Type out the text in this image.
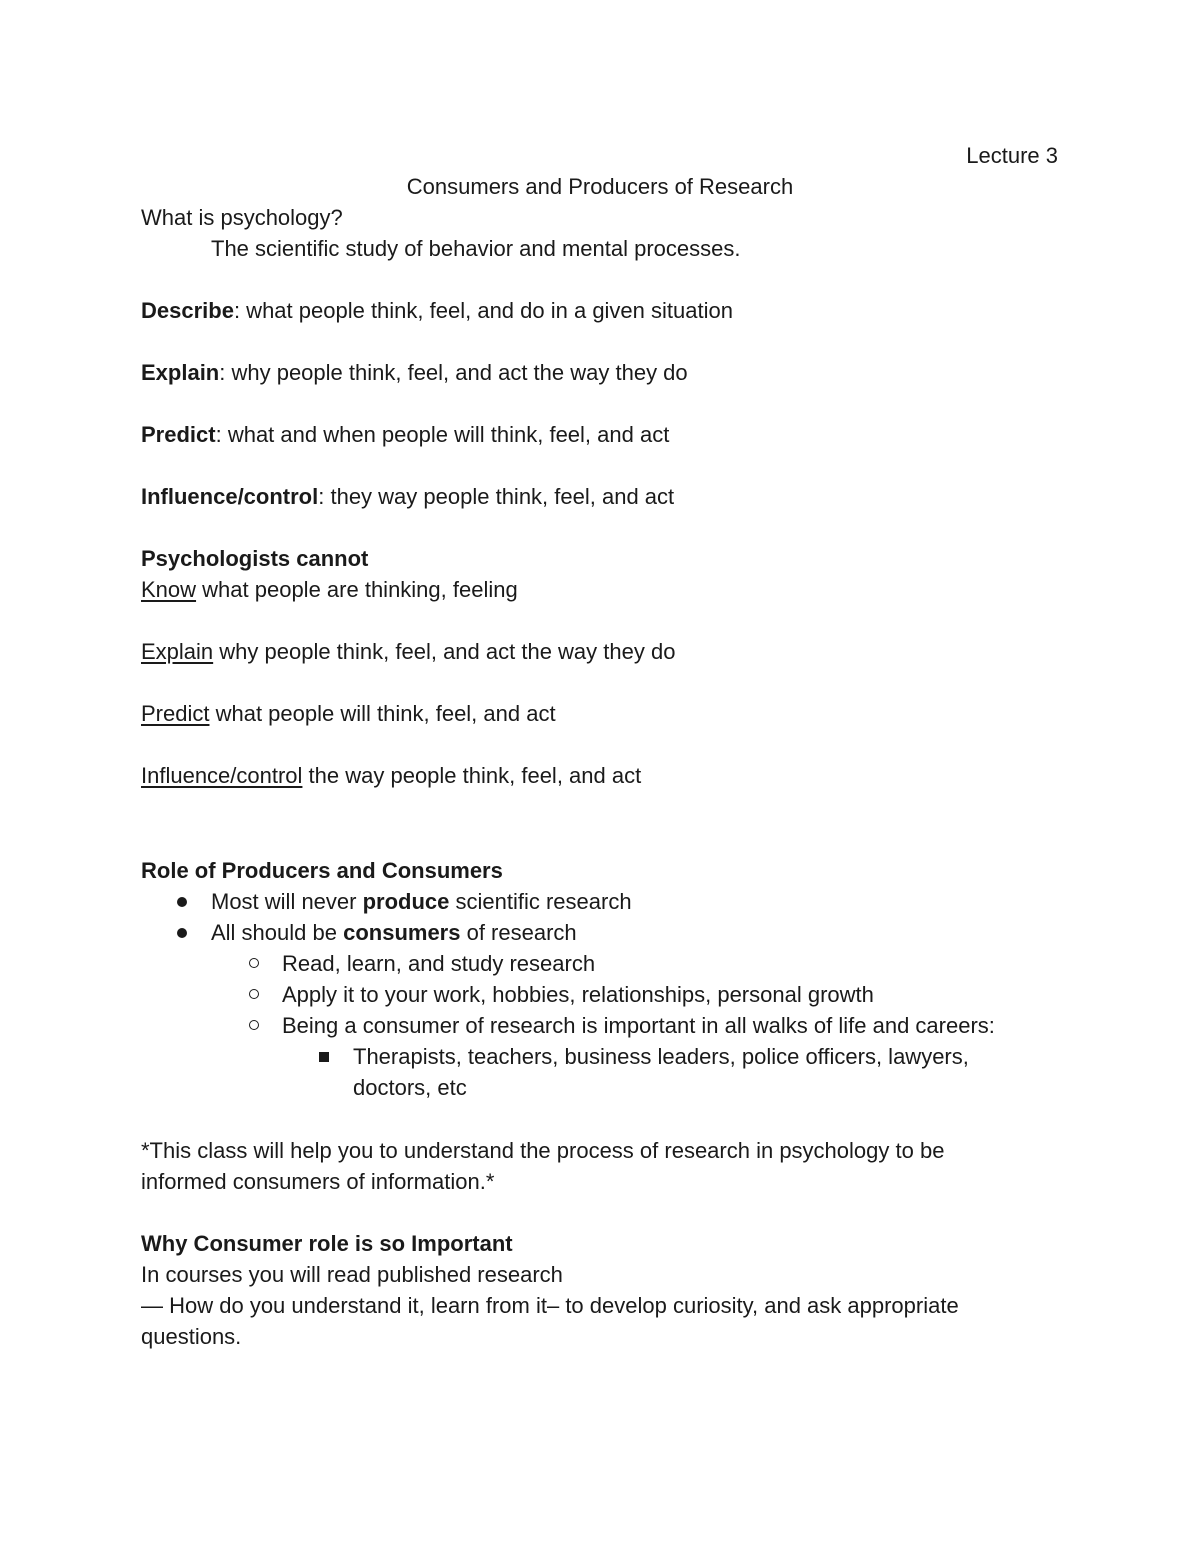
Lecture 3
Consumers and Producers of Research
What is psychology?
The scientific study of behavior and mental processes.
Describe: what people think, feel, and do in a given situation
Explain: why people think, feel, and act the way they do
Predict: what and when people will think, feel, and act
Influence/control: they way people think, feel, and act
Psychologists cannot
Know what people are thinking, feeling
Explain why people think, feel, and act the way they do
Predict what people will think, feel, and act
Influence/control the way people think, feel, and act
Role of Producers and Consumers
Most will never produce scientific research
All should be consumers of research
Read, learn, and study research
Apply it to your work, hobbies, relationships, personal growth
Being a consumer of research is important in all walks of life and careers:
Therapists, teachers, business leaders, police officers, lawyers,
doctors, etc
*This class will help you to understand the process of research in psychology to be
informed consumers of information.*
Why Consumer role is so Important
In courses you will read published research
— How do you understand it, learn from it– to develop curiosity, and ask appropriate
questions.
